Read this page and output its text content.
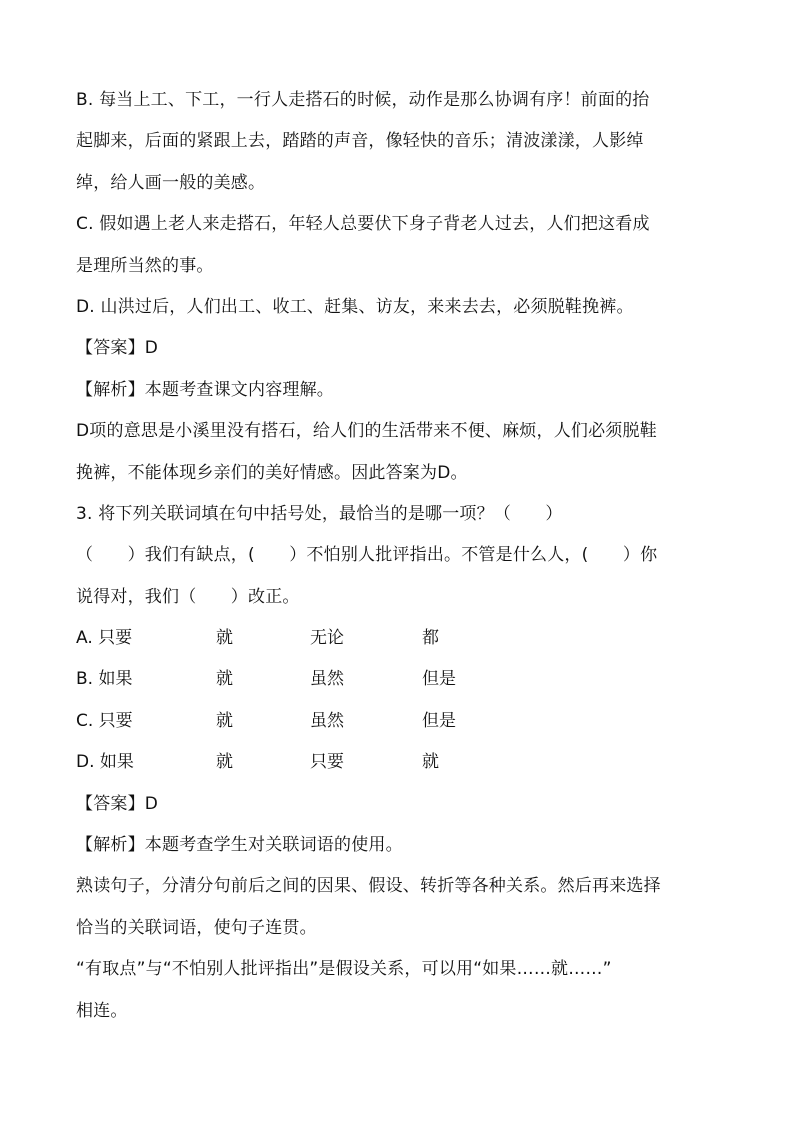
B. 每当上工、下工，一行人走搭石的时候，动作是那么协调有序！前面的抬
起脚来，后面的紧跟上去，踏踏的声音，像轻快的音乐；清波漾漾，人影绰
绰，给人画一般的美感。
C. 假如遇上老人来走搭石，年轻人总要伏下身子背老人过去，人们把这看成
是理所当然的事。
D. 山洪过后，人们出工、收工、赶集、访友，来来去去，必须脱鞋挽裤。
【答案】D
【解析】本题考查课文内容理解。
D项的意思是小溪里没有搭石，给人们的生活带来不便、麻烦，人们必须脱鞋
挽裤，不能体现乡亲们的美好情感。因此答案为D。
3. 将下列关联词填在句中括号处，最恰当的是哪一项？（　　）
（　　）我们有缺点，(　　）不怕别人批评指出。不管是什么人，(　　）你
说得对，我们（　　）改正。
A. 只要	就	无论	都
B. 如果	就	虽然	但是
C. 只要	就	虽然	但是
D. 如果	就	只要	就
【答案】D
【解析】本题考查学生对关联词语的使用。
熟读句子，分清分句前后之间的因果、假设、转折等各种关系。然后再来选择
恰当的关联词语，使句子连贯。
“有取点”与“不怕别人批评指出”是假设关系，可以用“如果……就……”
相连。
